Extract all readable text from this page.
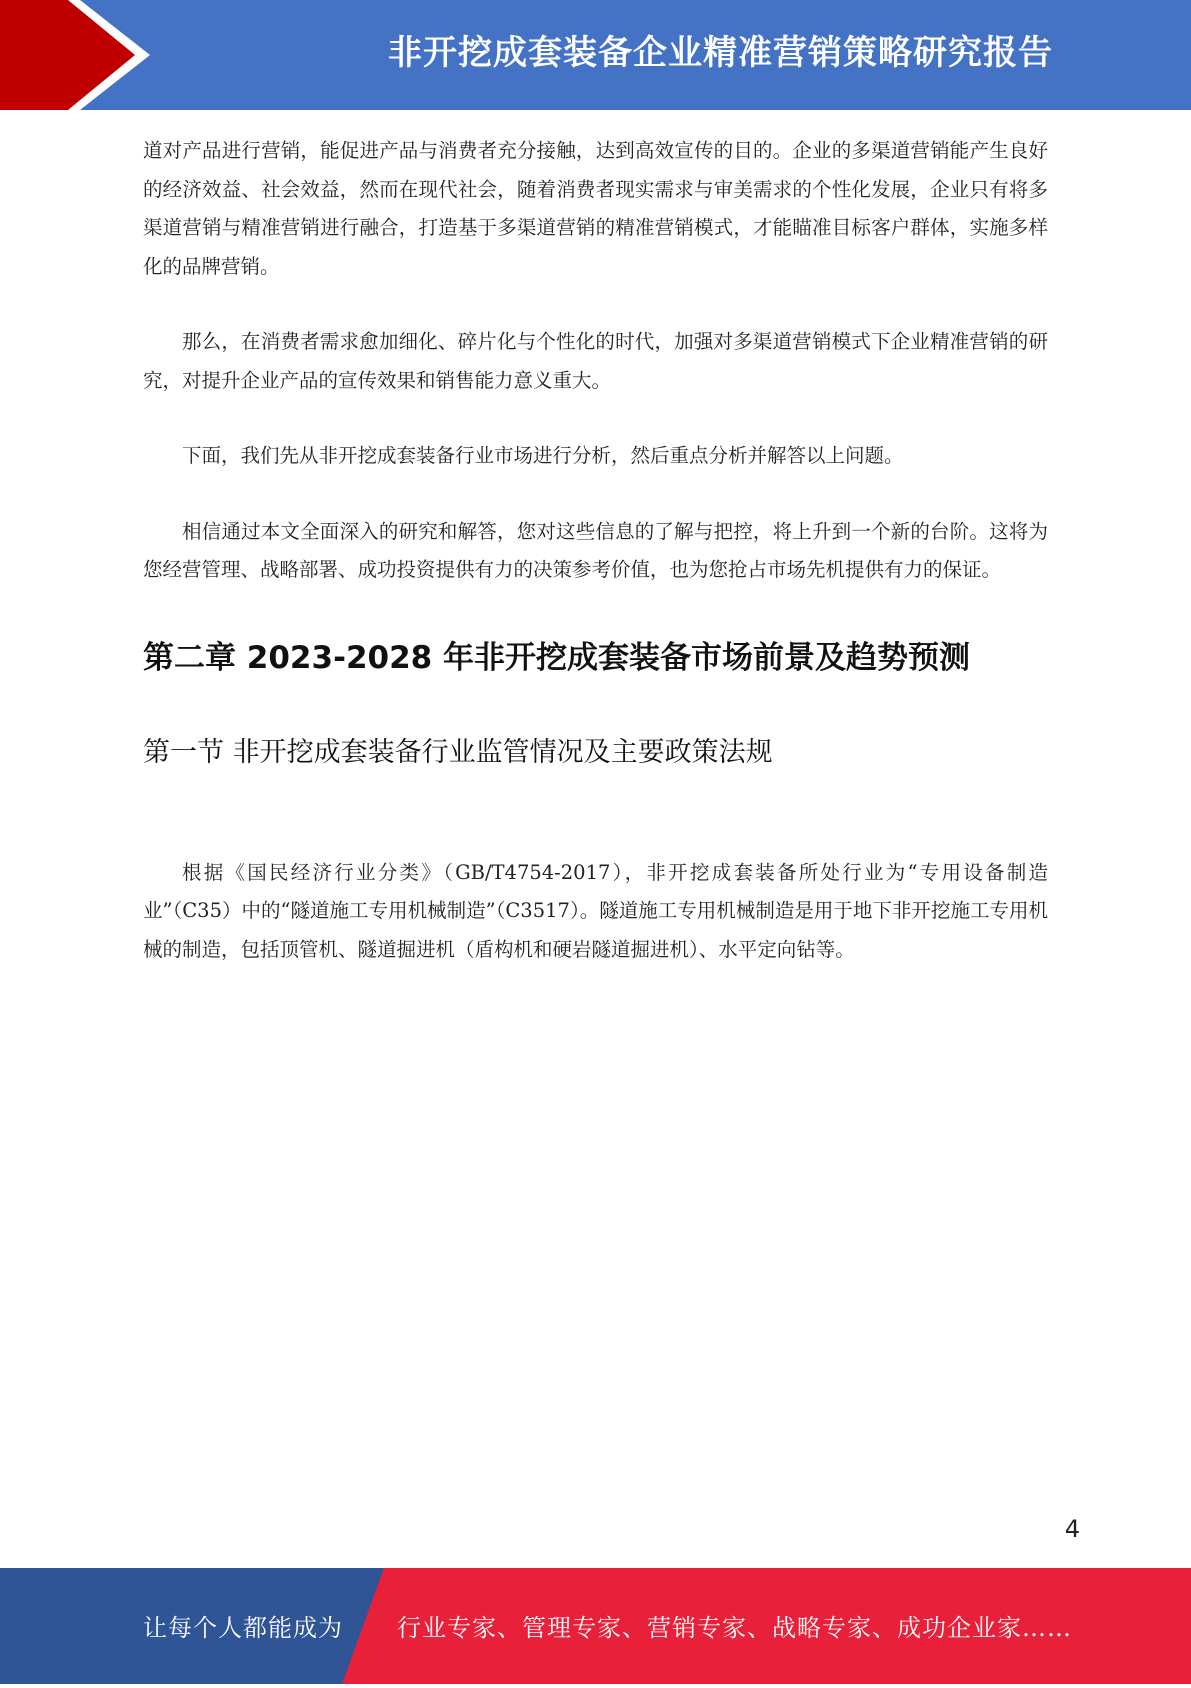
非开挖成套装备企业精准营销策略研究报告

道对产品进行营销，能促进产品与消费者充分接触，达到高效宣传的目的。企业的多渠道营销能产生良好的经济效益、社会效益，然而在现代社会，随着消费者现实需求与审美需求的个性化发展，企业只有将多渠道营销与精准营销进行融合，打造基于多渠道营销的精准营销模式，才能瞄准目标客户群体，实施多样化的品牌营销。

那么，在消费者需求愈加细化、碎片化与个性化的时代，加强对多渠道营销模式下企业精准营销的研究，对提升企业产品的宣传效果和销售能力意义重大。

下面，我们先从非开挖成套装备行业市场进行分析，然后重点分析并解答以上问题。

相信通过本文全面深入的研究和解答，您对这些信息的了解与把控，将上升到一个新的台阶。这将为您经营管理、战略部署、成功投资提供有力的决策参考价值，也为您抢占市场先机提供有力的保证。

第二章 2023-2028 年非开挖成套装备市场前景及趋势预测
第一节 非开挖成套装备行业监管情况及主要政策法规

根据《国民经济行业分类》（GB/T4754-2017），非开挖成套装备所处行业为“专用设备制造业”（C35）中的“隧道施工专用机械制造”（C3517）。隧道施工专用机械制造是用于地下非开挖施工专用机械的制造，包括顶管机、隧道掘进机（盾构机和硬岩隧道掘进机）、水平定向钻等。

4
让每个人都能成为 行业专家、管理专家、营销专家、战略专家、成功企业家……
